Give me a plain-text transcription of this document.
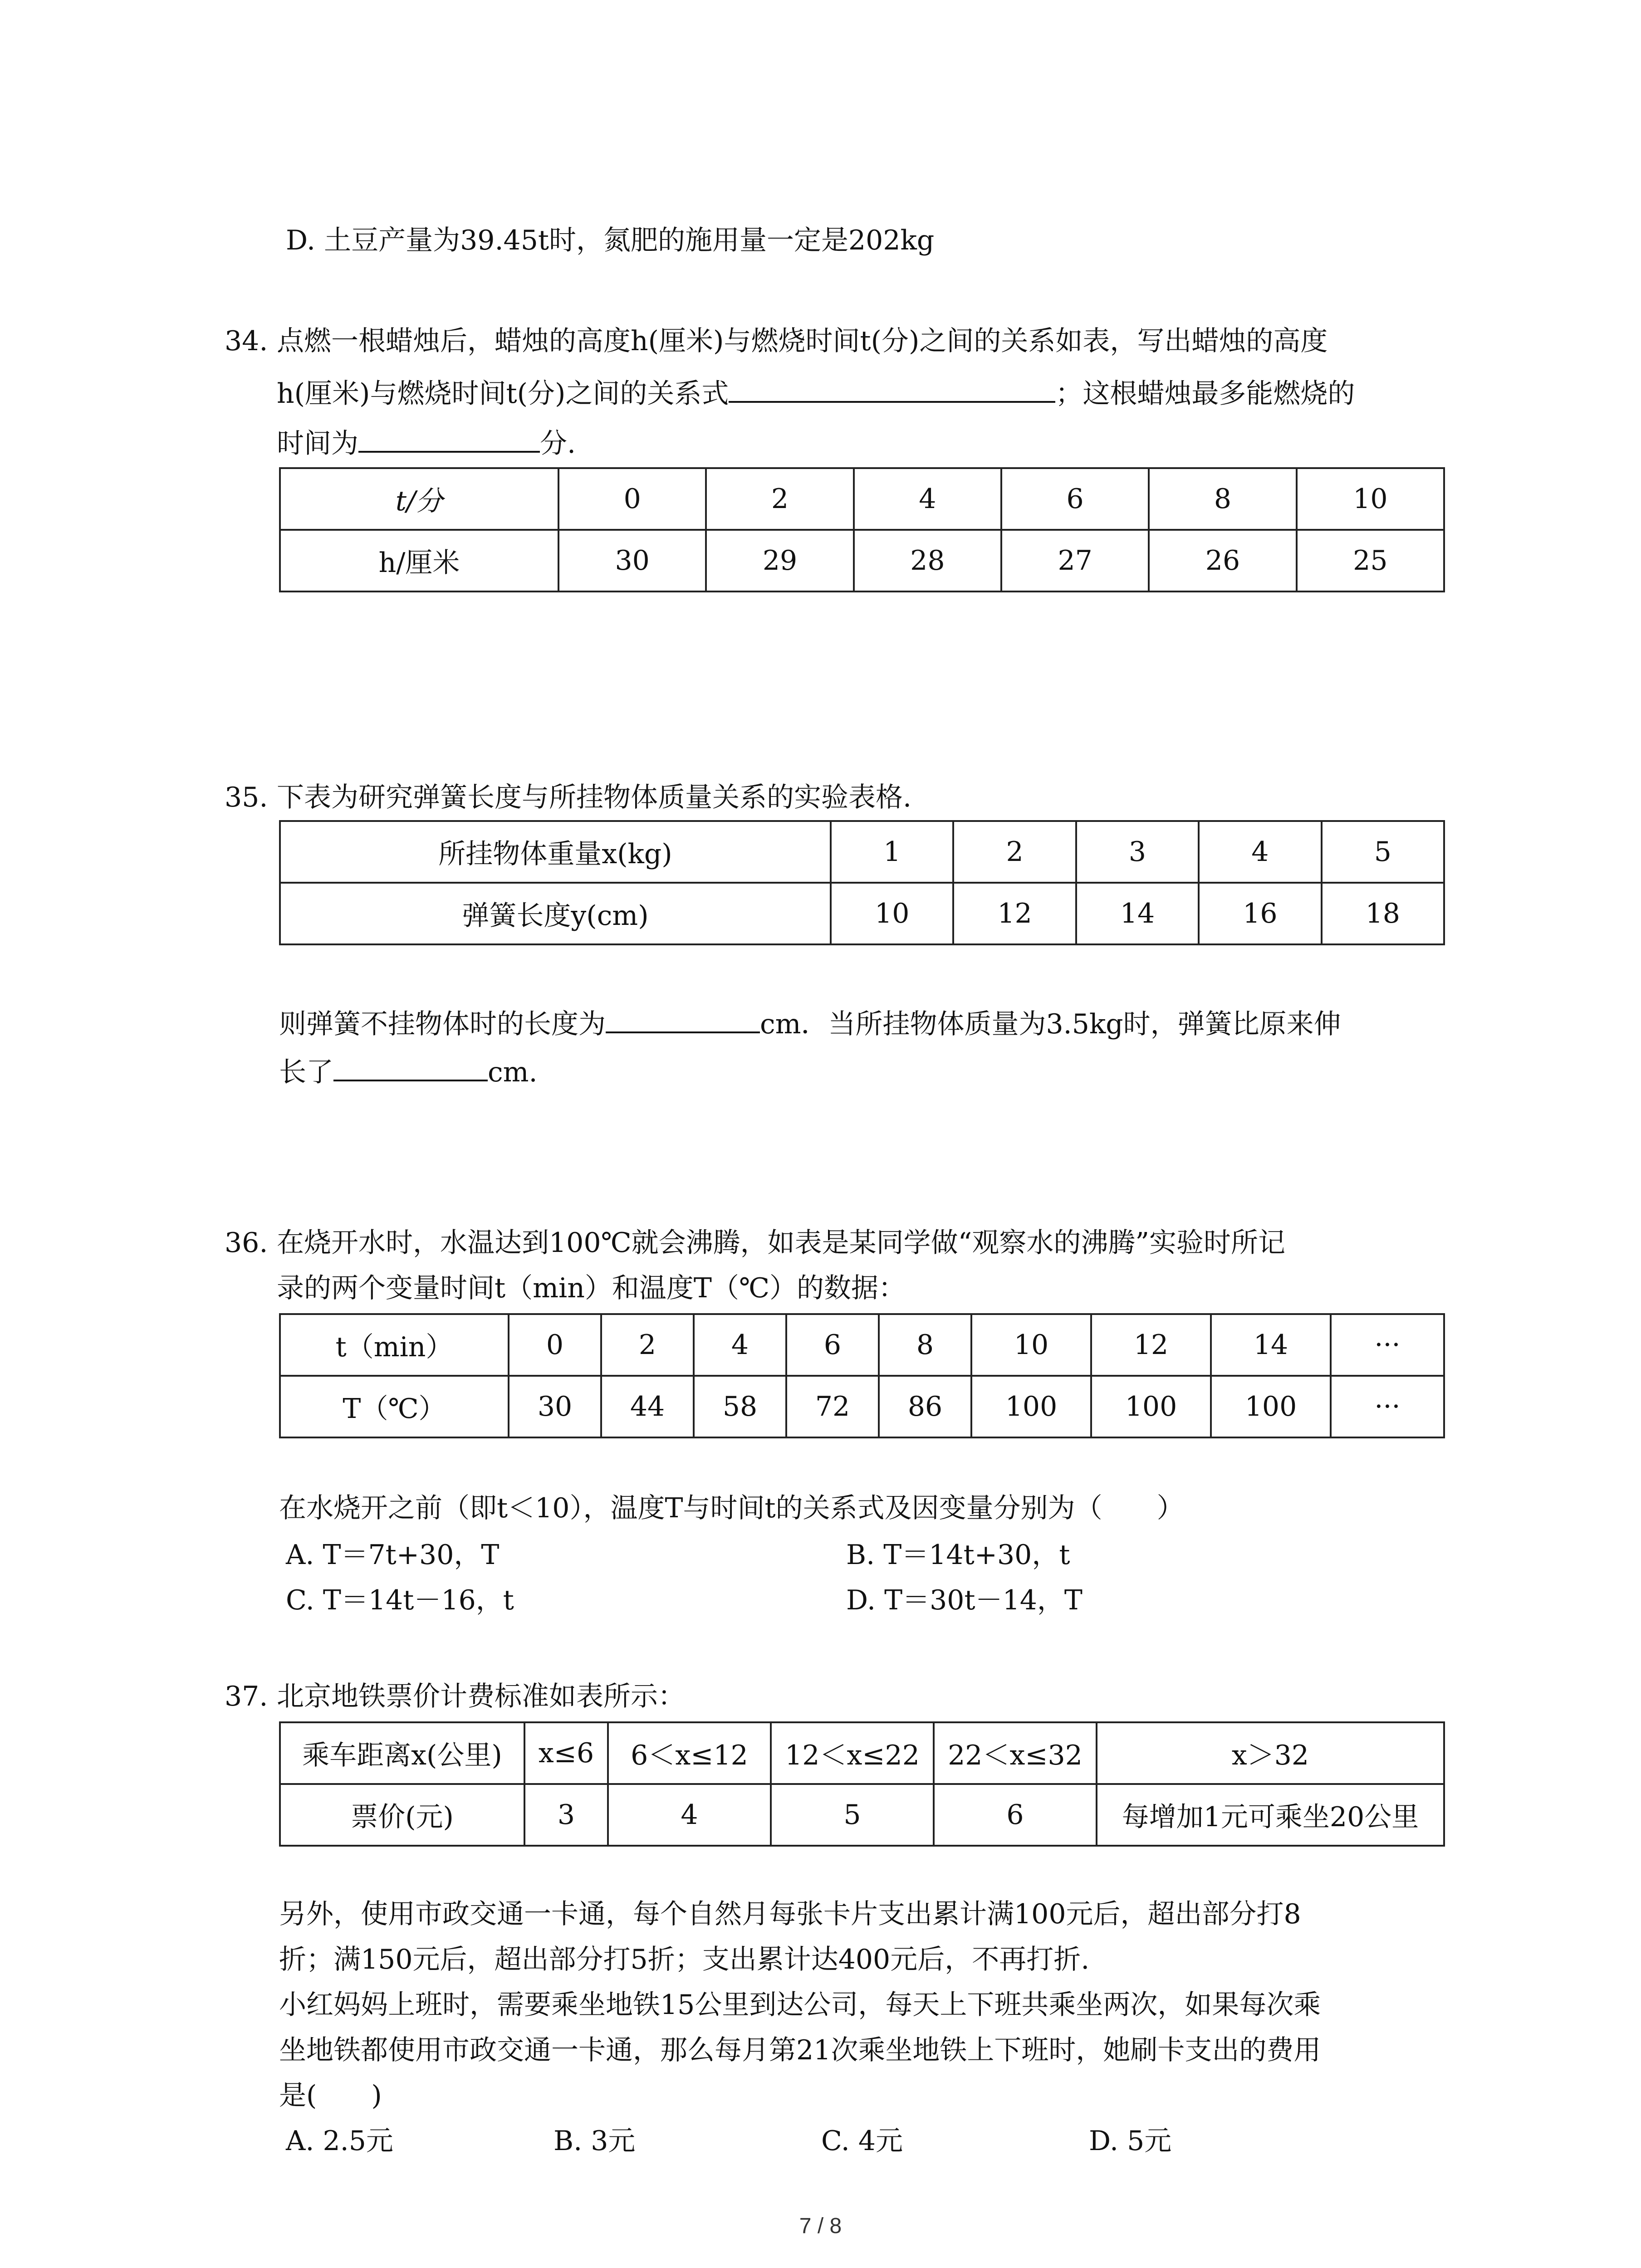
D. 土豆产量为39.45t时，氮肥的施用量一定是202kg
34. 点燃一根蜡烛后，蜡烛的高度h(厘米)与燃烧时间t(分)之间的关系如表，写出蜡烛的高度
h(厘米)与燃烧时间t(分)之间的关系式	；这根蜡烛最多能燃烧的
时间为	分.
t/分	0	2	4	6	8	10
h/厘米	30	29	28	27	26	25
35. 下表为研究弹簧长度与所挂物体质量关系的实验表格.
所挂物体重量x(kg)	1	2	3	4	5
弹簧长度y(cm)	10	12	14	16	18
则弹簧不挂物体时的长度为	cm．当所挂物体质量为3.5kg时，弹簧比原来伸
长了	cm.
36. 在烧开水时，水温达到100℃就会沸腾，如表是某同学做“观察水的沸腾”实验时所记
录的两个变量时间t（min）和温度T（℃）的数据：
t（min）	0	2	4	6	8	10	12	14	···
T（℃）	30	44	58	72	86	100	100	100	···
在水烧开之前（即t＜10），温度T与时间t的关系式及因变量分别为（　　）
A. T＝7t+30，T	B. T＝14t+30，t
C. T＝14t－16，t	D. T＝30t－14，T
37. 北京地铁票价计费标准如表所示：
乘车距离x(公里)	x≤6	6＜x≤12	12＜x≤22	22＜x≤32	x＞32
票价(元)	3	4	5	6	每增加1元可乘坐20公里
另外，使用市政交通一卡通，每个自然月每张卡片支出累计满100元后，超出部分打8
折；满150元后，超出部分打5折；支出累计达400元后，不再打折.
小红妈妈上班时，需要乘坐地铁15公里到达公司，每天上下班共乘坐两次，如果每次乘
坐地铁都使用市政交通一卡通，那么每月第21次乘坐地铁上下班时，她刷卡支出的费用
是(　　)
A. 2.5元	B. 3元	C. 4元	D. 5元
7 / 8
